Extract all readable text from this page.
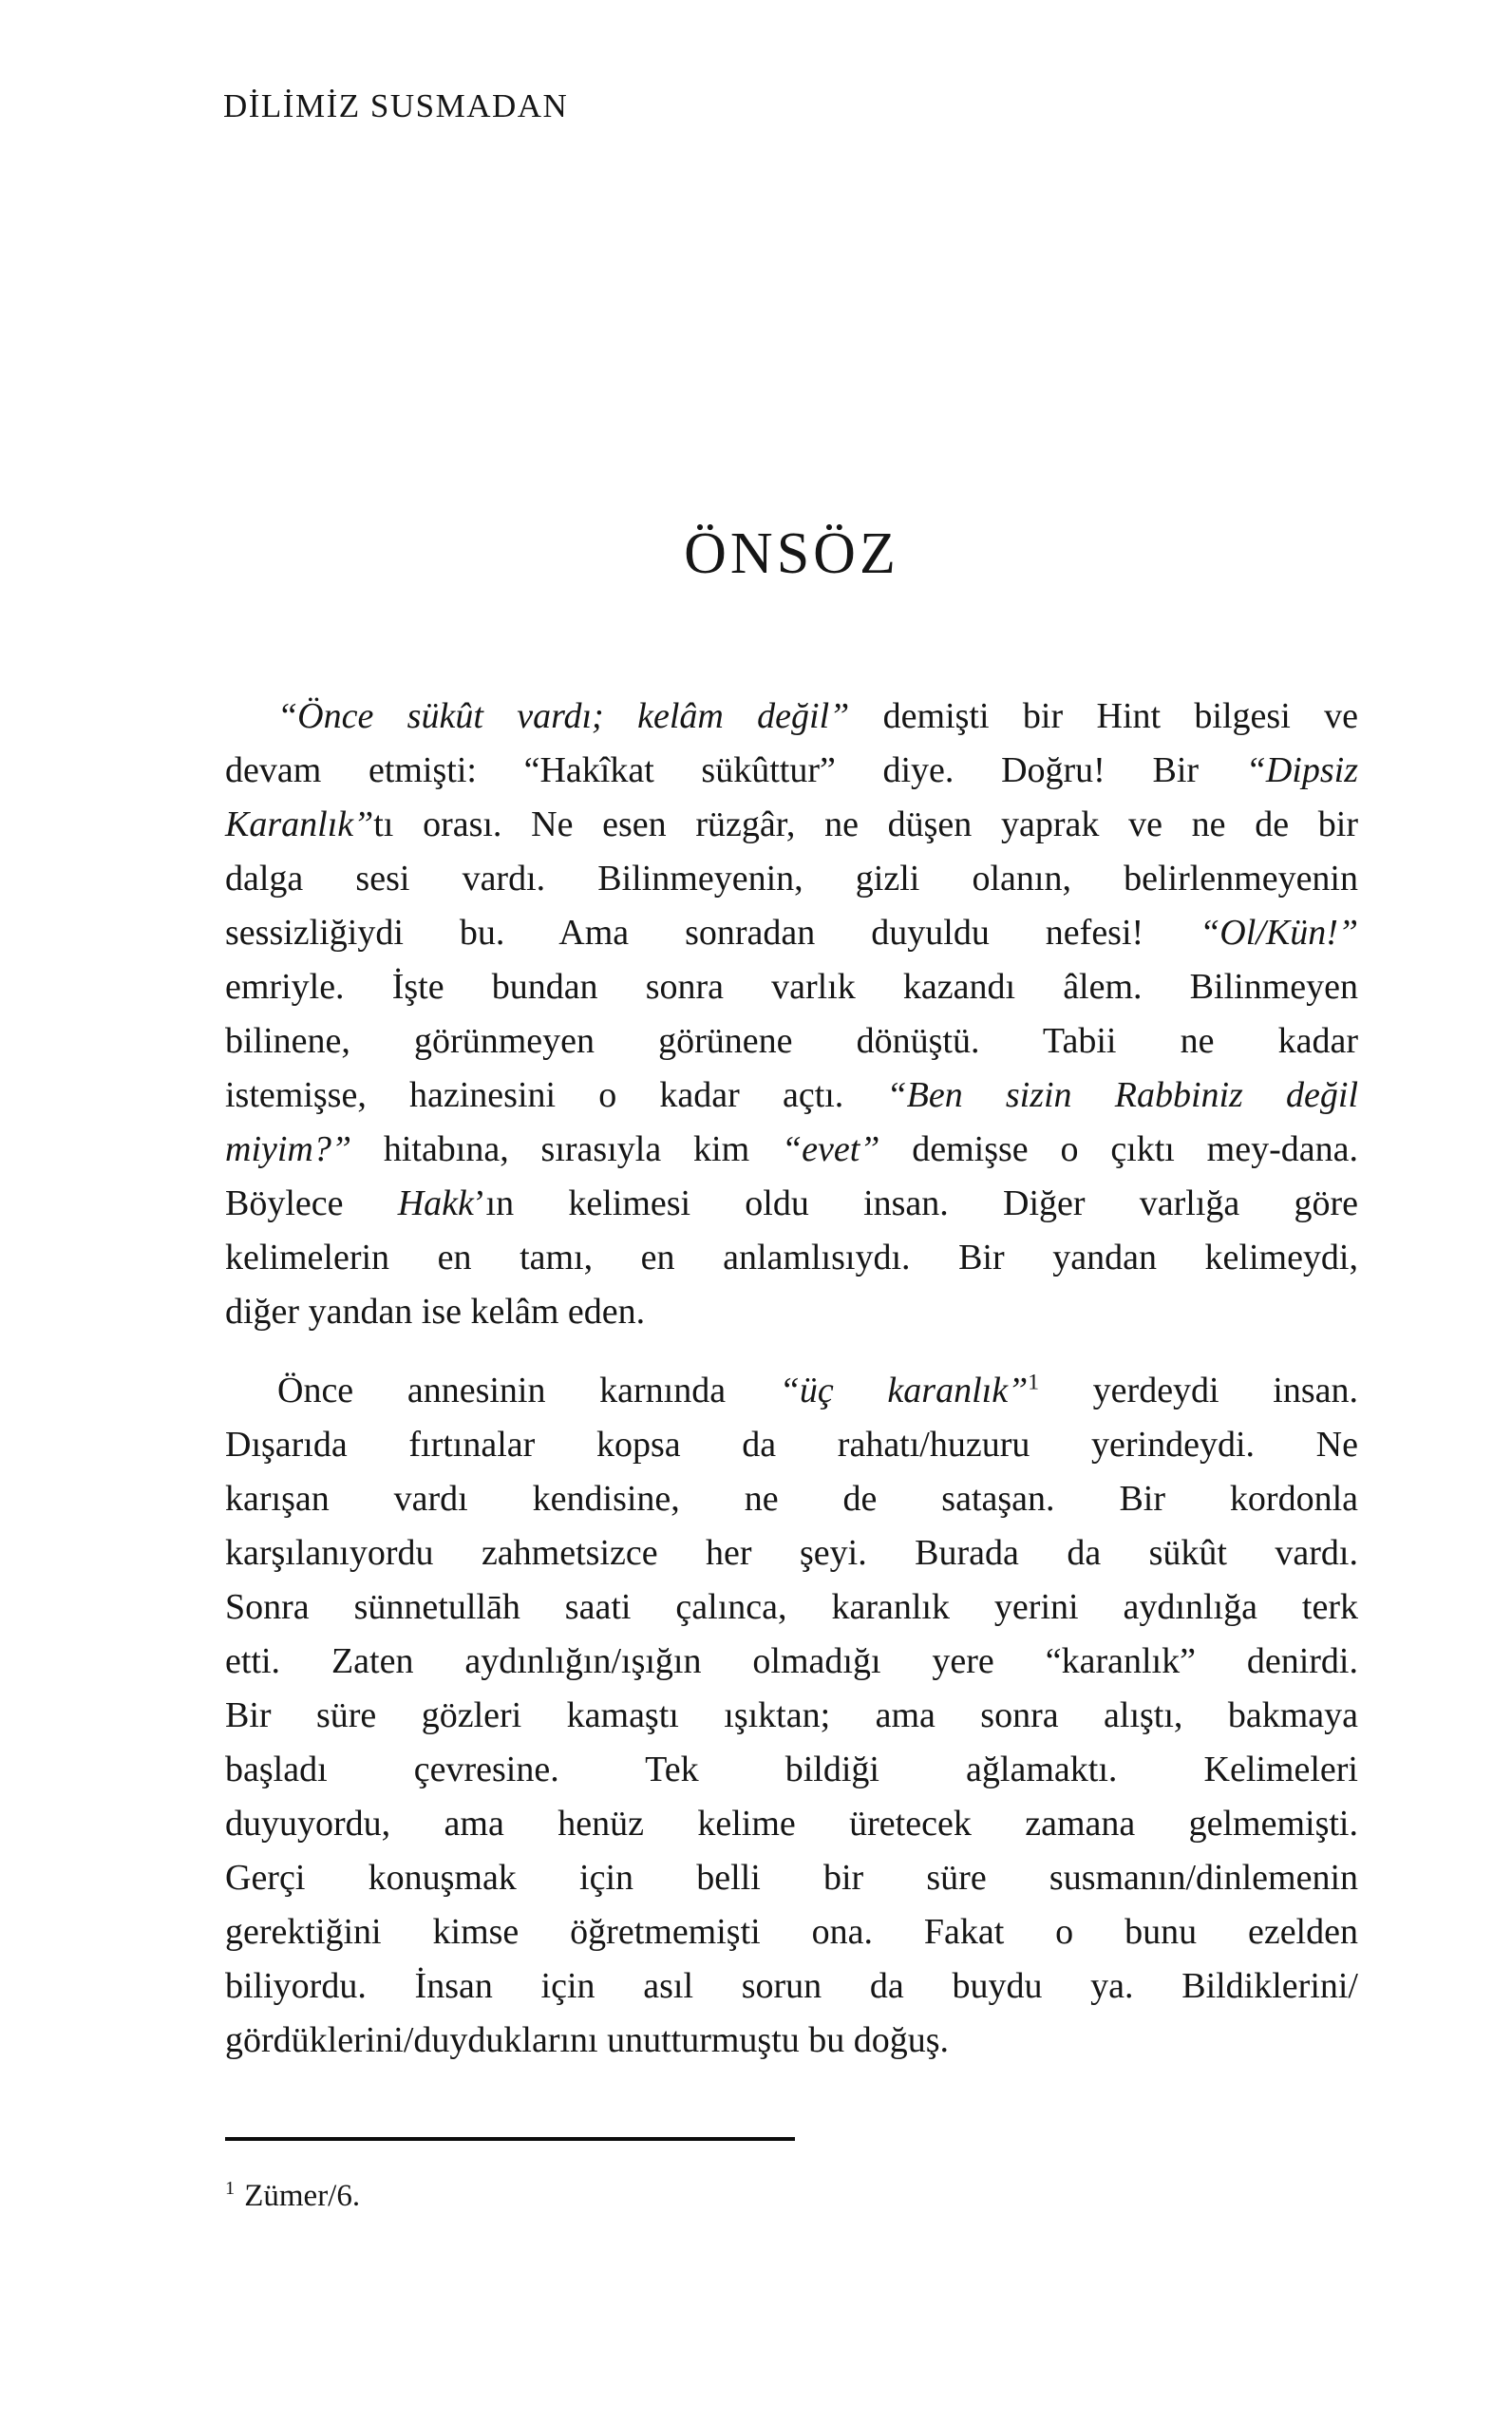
DİLİMİZ SUSMADAN
ÖNSÖZ

“Önce sükût vardı; kelâm değil” demişti bir Hint bilgesi ve
devam etmişti: “Hakîkat sükûttur” diye. Doğru! Bir “Dipsiz
Karanlık”tı orası. Ne esen rüzgâr, ne düşen yaprak ve ne de bir
dalga sesi vardı. Bilinmeyenin, gizli olanın, belirlenmeyenin
sessizliğiydi bu. Ama sonradan duyuldu nefesi! “Ol/Kün!”
emriyle. İşte bundan sonra varlık kazandı âlem. Bilinmeyen
bilinene, görünmeyen görünene dönüştü. Tabii ne kadar
istemişse, hazinesini o kadar açtı. “Ben sizin Rabbiniz değil
miyim?” hitabına, sırasıyla kim “evet” demişse o çıktı mey-dana.
Böylece Hakk’ın kelimesi oldu insan. Diğer varlığa göre
kelimelerin en tamı, en anlamlısıydı. Bir yandan kelimeydi,
diğer yandan ise kelâm eden.

Önce annesinin karnında “üç karanlık”$^1$ yerdeydi insan.
Dışarıda fırtınalar kopsa da rahatı/huzuru yerindeydi. Ne
karışan vardı kendisine, ne de sataşan. Bir kordonla
karşılanıyordu zahmetsizce her şeyi. Burada da sükût vardı.
Sonra sünnetullāh saati çalınca, karanlık yerini aydınlığa terk
etti. Zaten aydınlığın/ışığın olmadığı yere “karanlık” denirdi.
Bir süre gözleri kamaştı ışıktan; ama sonra alıştı, bakmaya
başladı çevresine. Tek bildiği ağlamaktı. Kelimeleri
duyuyordu, ama henüz kelime üretecek zamana gelmemişti.
Gerçi konuşmak için belli bir süre susmanın/dinlemenin
gerektiğini kimse öğretmemişti ona. Fakat o bunu ezelden
biliyordu. İnsan için asıl sorun da buydu ya. Bildiklerini/
gördüklerini/duyduklarını unutturmuştu bu doğuş.

$^1$ Zümer/6.
